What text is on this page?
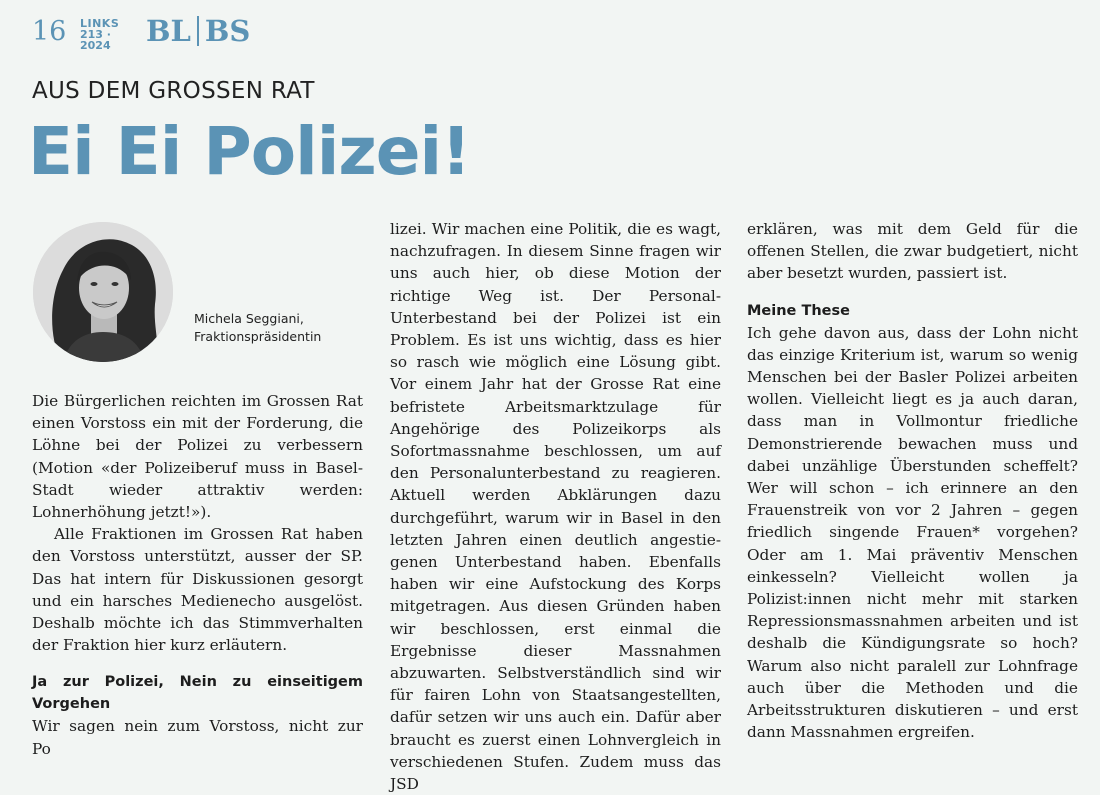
16 LINKS
213 · 2024 BL BS
AUS DEM GROSSEN RAT
Ei Ei Polizei!
Michela Seggiani,
Fraktionspräsidentin

Die Bürgerlichen reichten im Grossen Rat einen Vorstoss ein mit der Forderung, die Löhne bei der Polizei zu verbessern (Motion «der Polizeiberuf muss in Basel-Stadt wieder attraktiv werden: Lohnerhöhung jetzt!»).

Alle Fraktionen im Grossen Rat haben den Vorstoss unterstützt, ausser der SP. Das hat intern für Diskussionen gesorgt und ein harsches Medienecho ausgelöst. Deshalb möchte ich das Stimmverhalten der Fraktion hier kurz erläutern.

Ja zur Polizei, Nein zu einseitigem Vorgehen

Wir sagen nein zum Vorstoss, nicht zur Po

lizei. Wir machen eine Politik, die es wagt, nachzufragen. In diesem Sinne fragen wir uns auch hier, ob diese Motion der richtige Weg ist. Der Personal-Unterbestand bei der Polizei ist ein Problem. Es ist uns wichtig, dass es hier so rasch wie möglich eine Lösung gibt. Vor einem Jahr hat der Grosse Rat eine befristete Arbeitsmarktzulage für Angehörige des Polizeikorps als Sofortmassnahme beschlossen, um auf den Personalunterbestand zu reagieren. Aktuell werden Abklärungen dazu durchgeführt, warum wir in Basel in den letzten Jahren einen deutlich angestiegenen Unterbestand haben. Ebenfalls haben wir eine Aufstockung des Korps mitgetragen. Aus diesen Gründen haben wir beschlossen, erst einmal die Ergebnisse dieser Massnahmen abzuwarten. Selbstverständlich sind wir für fairen Lohn von Staatsangestellten, dafür setzen wir uns auch ein. Dafür aber braucht es zuerst einen Lohnvergleich in verschiedenen Stufen. Zudem muss das JSD

erklären, was mit dem Geld für die offenen Stellen, die zwar budgetiert, nicht aber besetzt wurden, passiert ist.

Meine These

Ich gehe davon aus, dass der Lohn nicht das einzige Kriterium ist, warum so wenig Menschen bei der Basler Polizei arbeiten wollen. Vielleicht liegt es ja auch daran, dass man in Vollmontur friedliche Demonstrierende bewachen muss und dabei unzählige Überstunden scheffelt? Wer will schon – ich erinnere an den Frauenstreik von vor 2 Jahren – gegen friedlich singende Frauen* vorgehen? Oder am 1. Mai präventiv Menschen einkesseln? Vielleicht wollen ja Polizist:innen nicht mehr mit starken Repressionsmassnahmen arbeiten und ist deshalb die Kündigungsrate so hoch? Warum also nicht paralell zur Lohnfrage auch über die Methoden und die Arbeitsstrukturen diskutieren – und erst dann Massnahmen ergreifen.
